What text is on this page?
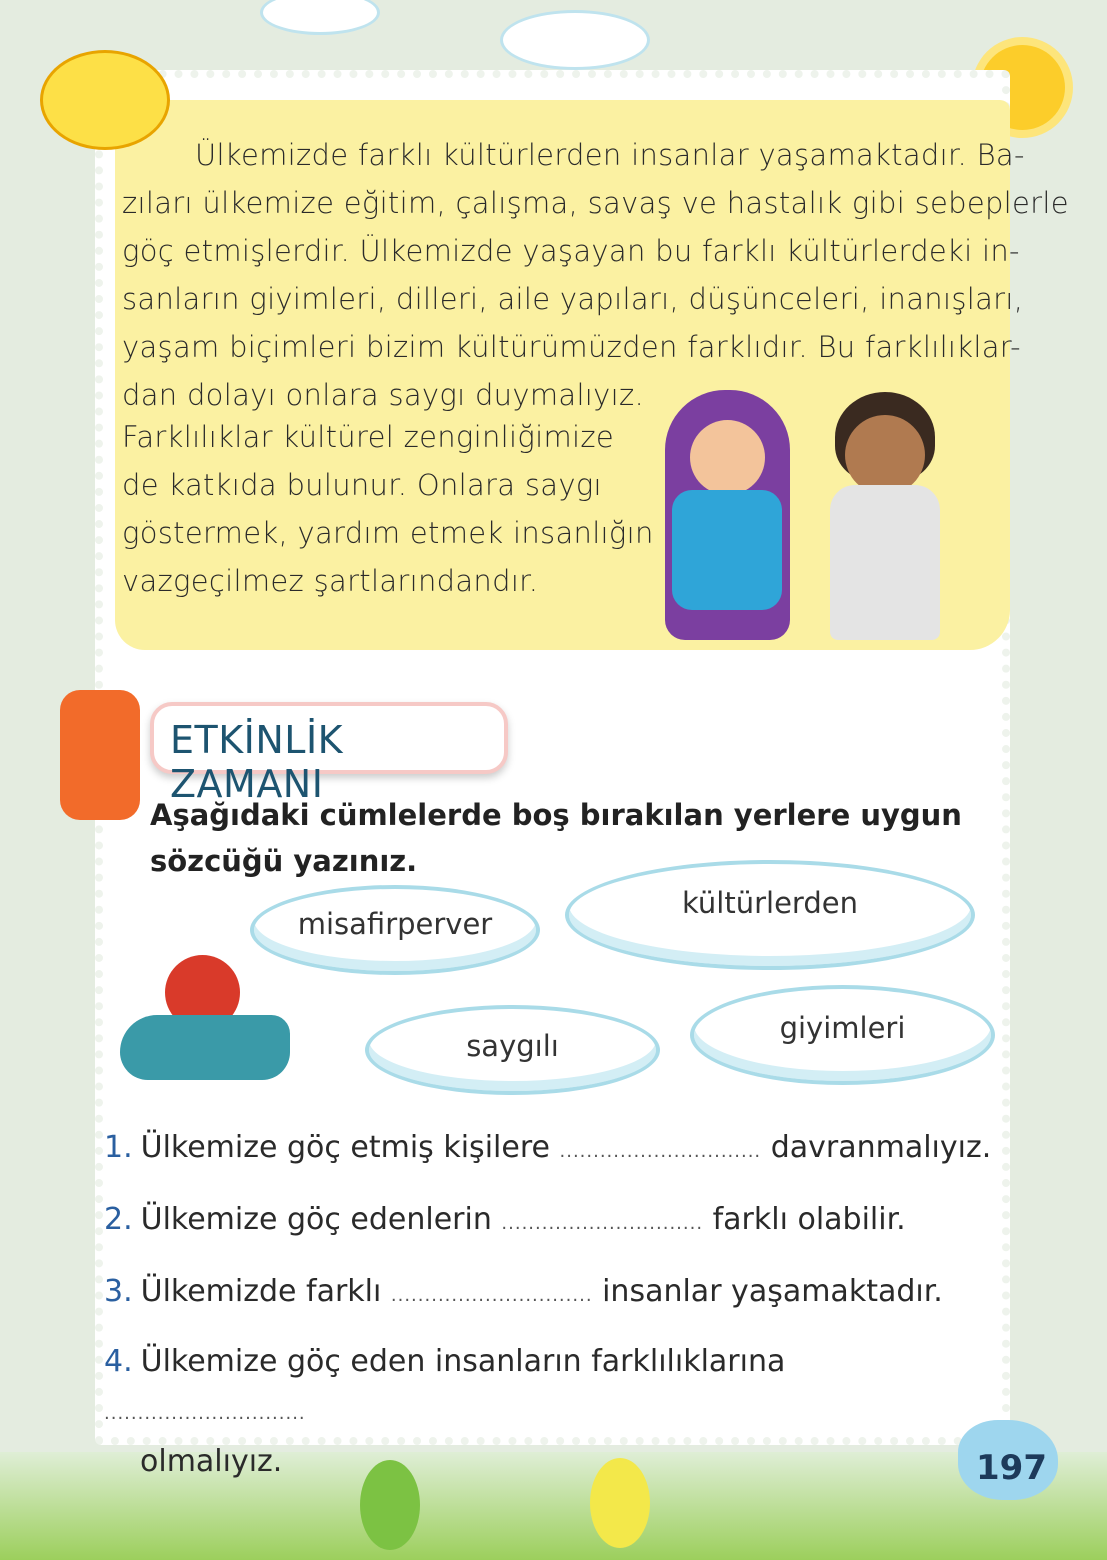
Ülkemizde farklı kültürlerden insanlar yaşamaktadır. Ba-
zıları ülkemize eğitim, çalışma, savaş ve hastalık gibi sebeplerle
göç etmişlerdir. Ülkemizde yaşayan bu farklı kültürlerdeki in-
sanların giyimleri, dilleri, aile yapıları, düşünceleri, inanışları,
yaşam biçimleri bizim kültürümüzden farklıdır. Bu farklılıklar-
dan dolayı onlara saygı duymalıyız.
Farklılıklar kültürel zenginliğimize
de katkıda bulunur. Onlara saygı
göstermek, yardım etmek insanlığın
vazgeçilmez şartlarındandır.
ETKİNLİK ZAMANI
Aşağıdaki cümlelerde boş bırakılan yerlere uygun sözcüğü yazınız.
misafirperver
kültürlerden
saygılı
giyimleri
1. Ülkemize göç etmiş kişilere .............................. davranmalıyız.
2. Ülkemize göç edenlerin .............................. farklı olabilir.
3. Ülkemizde farklı .............................. insanlar yaşamaktadır.
4. Ülkemize göç eden insanların farklılıklarına ..............................
olmalıyız.	197
